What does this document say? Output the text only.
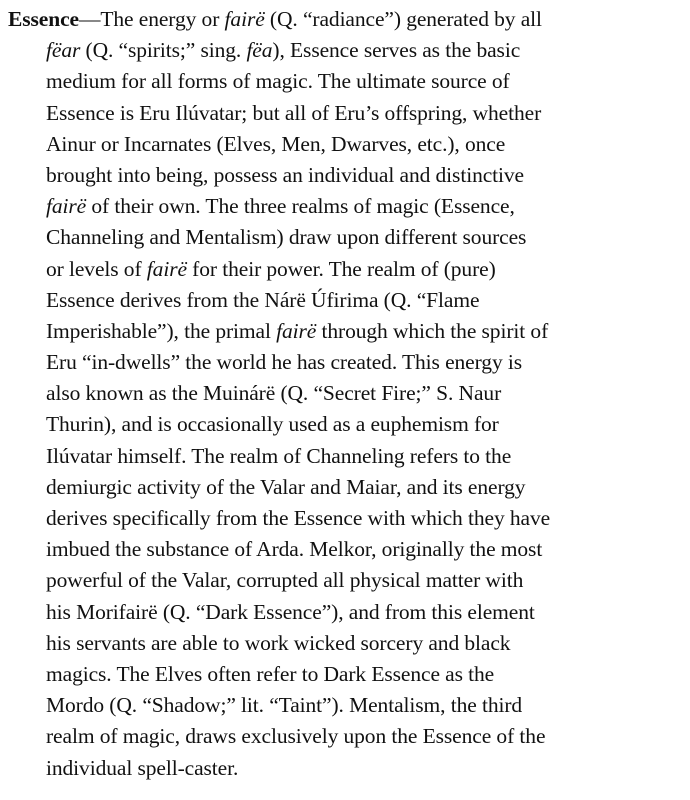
Essence—The energy or fairë (Q. “radiance”) generated by all
fëar (Q. “spirits;” sing. fëa), Essence serves as the basic
medium for all forms of magic. The ultimate source of
Essence is Eru Ilúvatar; but all of Eru’s offspring, whether
Ainur or Incarnates (Elves, Men, Dwarves, etc.), once
brought into being, possess an individual and distinctive
fairë of their own. The three realms of magic (Essence,
Channeling and Mentalism) draw upon different sources
or levels of fairë for their power. The realm of (pure)
Essence derives from the Nárë Úfirima (Q. “Flame
Imperishable”), the primal fairë through which the spirit of
Eru “in-dwells” the world he has created. This energy is
also known as the Muinárë (Q. “Secret Fire;” S. Naur
Thurin), and is occasionally used as a euphemism for
Ilúvatar himself. The realm of Channeling refers to the
demiurgic activity of the Valar and Maiar, and its energy
derives specifically from the Essence with which they have
imbued the substance of Arda. Melkor, originally the most
powerful of the Valar, corrupted all physical matter with
his Morifairë (Q. “Dark Essence”), and from this element
his servants are able to work wicked sorcery and black
magics. The Elves often refer to Dark Essence as the
Mordo (Q. “Shadow;” lit. “Taint”). Mentalism, the third
realm of magic, draws exclusively upon the Essence of the
individual spell-caster.
